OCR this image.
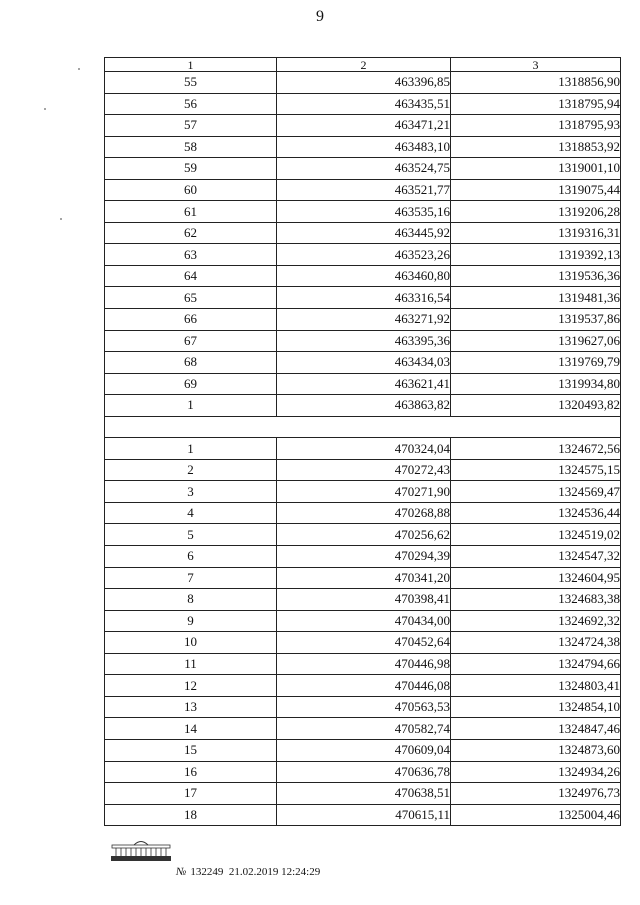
9
1	2	3
55	463396,85	1318856,90
56	463435,51	1318795,94
57	463471,21	1318795,93
58	463483,10	1318853,92
59	463524,75	1319001,10
60	463521,77	1319075,44
61	463535,16	1319206,28
62	463445,92	1319316,31
63	463523,26	1319392,13
64	463460,80	1319536,36
65	463316,54	1319481,36
66	463271,92	1319537,86
67	463395,36	1319627,06
68	463434,03	1319769,79
69	463621,41	1319934,80
1	463863,82	1320493,82

1	470324,04	1324672,56
2	470272,43	1324575,15
3	470271,90	1324569,47
4	470268,88	1324536,44
5	470256,62	1324519,02
6	470294,39	1324547,32
7	470341,20	1324604,95
8	470398,41	1324683,38
9	470434,00	1324692,32
10	470452,64	1324724,38
11	470446,98	1324794,66
12	470446,08	1324803,41
13	470563,53	1324854,10
14	470582,74	1324847,46
15	470609,04	1324873,60
16	470636,78	1324934,26
17	470638,51	1324976,73
18	470615,11	1325004,46
№ 132249 21.02.2019 12:24:29
